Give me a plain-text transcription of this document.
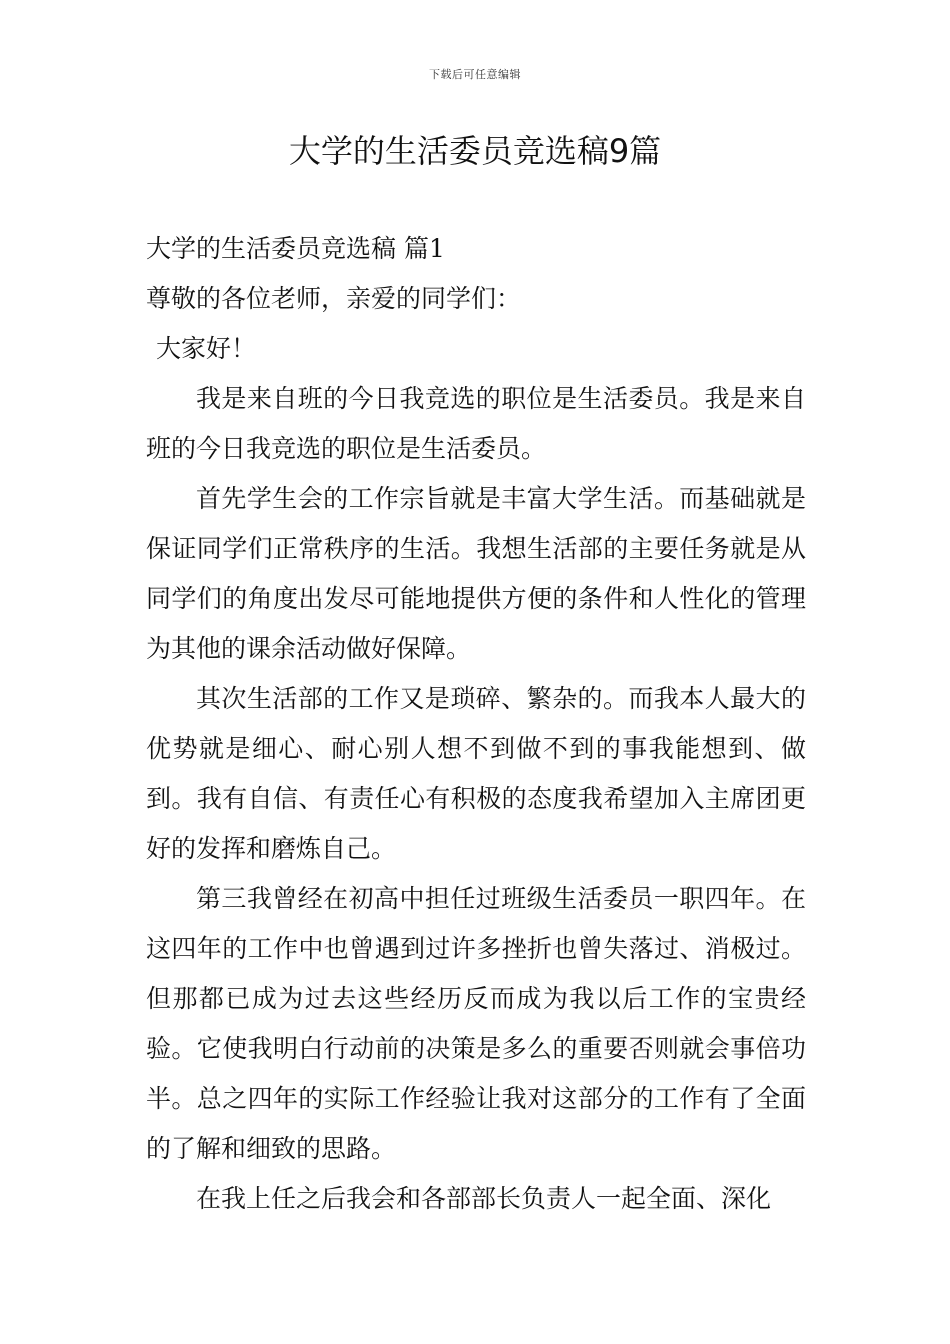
下载后可任意编辑
大学的生活委员竞选稿9篇
大学的生活委员竞选稿 篇1
尊敬的各位老师，亲爱的同学们：
大家好！

我是来自班的今日我竞选的职位是生活委员。我是来自班的今日我竞选的职位是生活委员。

首先学生会的工作宗旨就是丰富大学生活。而基础就是保证同学们正常秩序的生活。我想生活部的主要任务就是从同学们的角度出发尽可能地提供方便的条件和人性化的管理为其他的课余活动做好保障。

其次生活部的工作又是琐碎、繁杂的。而我本人最大的优势就是细心、耐心别人想不到做不到的事我能想到、做到。我有自信、有责任心有积极的态度我希望加入主席团更好的发挥和磨炼自己。

第三我曾经在初高中担任过班级生活委员一职四年。在这四年的工作中也曾遇到过许多挫折也曾失落过、消极过。但那都已成为过去这些经历反而成为我以后工作的宝贵经验。它使我明白行动前的决策是多么的重要否则就会事倍功半。总之四年的实际工作经验让我对这部分的工作有了全面的了解和细致的思路。

在我上任之后我会和各部部长负责人一起全面、深化
